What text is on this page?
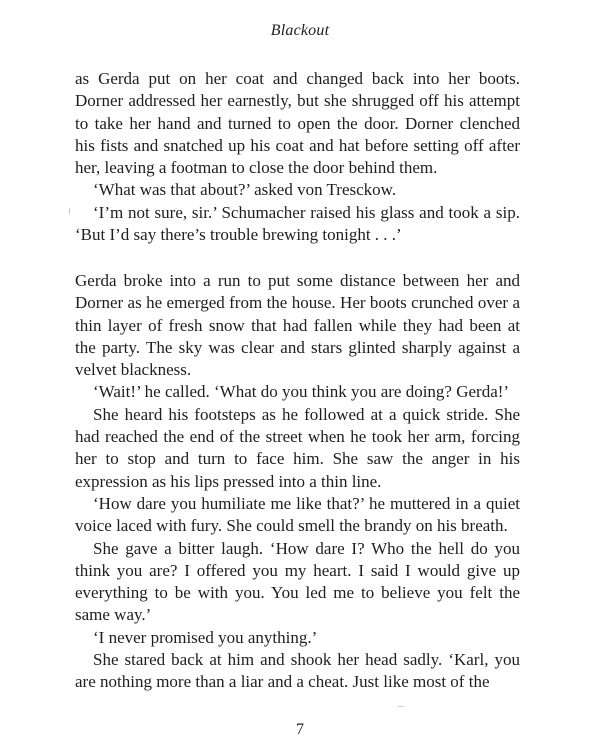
Blackout

as Gerda put on her coat and changed back into her boots. Dorner addressed her earnestly, but she shrugged off his attempt to take her hand and turned to open the door. Dorner clenched his fists and snatched up his coat and hat before setting off after her, leaving a footman to close the door behind them.

‘What was that about?’ asked von Tresckow.

‘I’m not sure, sir.’ Schumacher raised his glass and took a sip. ‘But I’d say there’s trouble brewing tonight . . .’

Gerda broke into a run to put some distance between her and Dorner as he emerged from the house. Her boots crunched over a thin layer of fresh snow that had fallen while they had been at the party. The sky was clear and stars glinted sharply against a velvet blackness.

‘Wait!’ he called. ‘What do you think you are doing? Gerda!’

She heard his footsteps as he followed at a quick stride. She had reached the end of the street when he took her arm, forcing her to stop and turn to face him. She saw the anger in his expression as his lips pressed into a thin line.

‘How dare you humiliate me like that?’ he muttered in a quiet voice laced with fury. She could smell the brandy on his breath.

She gave a bitter laugh. ‘How dare I? Who the hell do you think you are? I offered you my heart. I said I would give up everything to be with you. You led me to believe you felt the same way.’

‘I never promised you anything.’

She stared back at him and shook her head sadly. ‘Karl, you are nothing more than a liar and a cheat. Just like most of the

7
